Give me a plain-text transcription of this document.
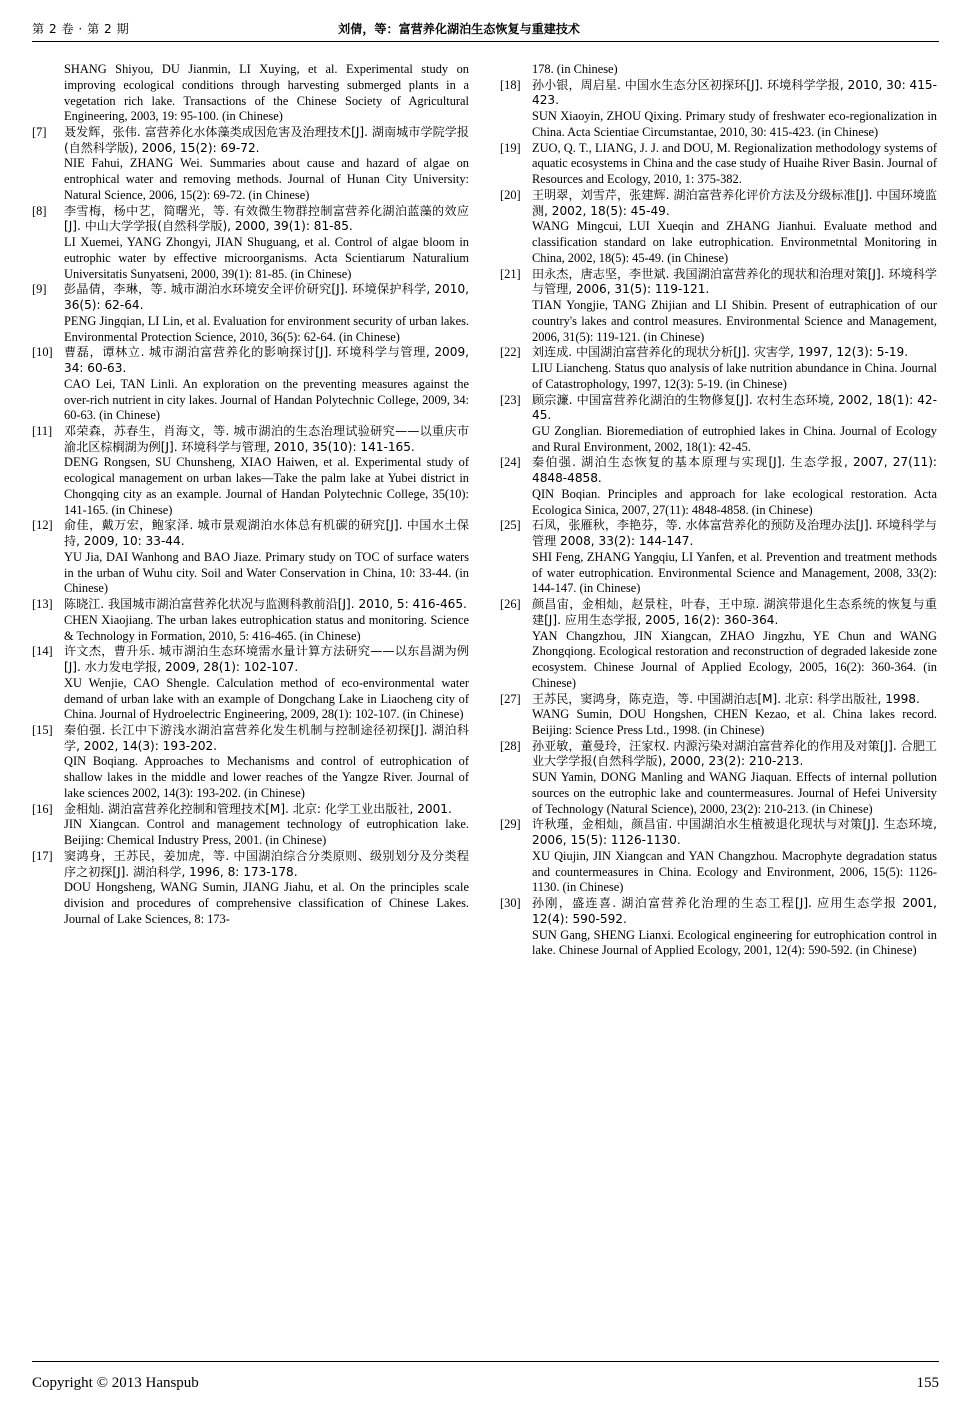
第 2 卷 · 第 2 期	刘倩，等：富营养化湖泊生态恢复与重建技术

SHANG Shiyou, DU Jianmin, LI Xuying, et al. Experimental study on improving ecological conditions through harvesting submerged plants in a vegetation rich lake. Transactions of the Chinese Society of Agricultural Engineering, 2003, 19: 95-100. (in Chinese)

[7]	聂发辉，张伟. 富营养化水体藻类成因危害及治理技术[J]. 湖南城市学院学报(自然科学版), 2006, 15(2): 69-72.

NIE Fahui, ZHANG Wei. Summaries about cause and hazard of algae on entrophical water and removing methods. Journal of Hunan City University: Natural Science, 2006, 15(2): 69-72. (in Chinese)

[8]	李雪梅，杨中艺，简曙光，等. 有效微生物群控制富营养化湖泊蓝藻的效应[J]. 中山大学学报(自然科学版), 2000, 39(1): 81-85.

LI Xuemei, YANG Zhongyi, JIAN Shuguang, et al. Control of algae bloom in eutrophic water by effective microorganisms. Acta Scientiarum Naturalium Universitatis Sunyatseni, 2000, 39(1): 81-85. (in Chinese)

[9]	彭晶倩，李琳，等. 城市湖泊水环境安全评价研究[J]. 环境保护科学, 2010, 36(5): 62-64.

PENG Jingqian, LI Lin, et al. Evaluation for environment security of urban lakes. Environmental Protection Science, 2010, 36(5): 62-64. (in Chinese)

[10] 曹磊，谭林立. 城市湖泊富营养化的影响探讨[J]. 环境科学与管理, 2009, 34: 60-63.

CAO Lei, TAN Linli. An exploration on the preventing measures against the over-rich nutrient in city lakes. Journal of Handan Polytechnic College, 2009, 34: 60-63. (in Chinese)

[11] 邓荣森，苏春生，肖海文，等. 城市湖泊的生态治理试验研究——以重庆市渝北区棕榈湖为例[J]. 环境科学与管理, 2010, 35(10): 141-165.

DENG Rongsen, SU Chunsheng, XIAO Haiwen, et al. Experimental study of ecological management on urban lakes—Take the palm lake at Yubei district in Chongqing city as an example. Journal of Handan Polytechnic College, 35(10): 141-165. (in Chinese)

[12] 俞佳，戴万宏，鲍家泽. 城市景观湖泊水体总有机碳的研究[J]. 中国水土保持, 2009, 10: 33-44.

YU Jia, DAI Wanhong and BAO Jiaze. Primary study on TOC of surface waters in the urban of Wuhu city. Soil and Water Conservation in China, 10: 33-44. (in Chinese)

[13] 陈晓江. 我国城市湖泊富营养化状况与监测科教前沿[J]. 2010, 5: 416-465.

CHEN Xiaojiang. The urban lakes eutrophication status and monitoring. Science & Technology in Formation, 2010, 5: 416-465. (in Chinese)

[14] 许文杰，曹升乐. 城市湖泊生态环境需水量计算方法研究——以东昌湖为例[J]. 水力发电学报, 2009, 28(1): 102-107.

XU Wenjie, CAO Shengle. Calculation method of eco-environmental water demand of urban lake with an example of Dongchang Lake in Liaocheng city of China. Journal of Hydroelectric Engineering, 2009, 28(1): 102-107. (in Chinese)

[15] 秦伯强. 长江中下游浅水湖泊富营养化发生机制与控制途径初探[J]. 湖泊科学, 2002, 14(3): 193-202.

QIN Boqiang. Approaches to Mechanisms and control of eutrophication of shallow lakes in the middle and lower reaches of the Yangze River. Journal of lake sciences 2002, 14(3): 193-202. (in Chinese)

[16] 金相灿. 湖泊富营养化控制和管理技术[M]. 北京: 化学工业出版社, 2001.

JIN Xiangcan. Control and management technology of eutrophication lake. Beijing: Chemical Industry Press, 2001. (in Chinese)

[17] 窦鸿身，王苏民，姜加虎，等. 中国湖泊综合分类原则、级别划分及分类程序之初探[J]. 湖泊科学, 1996, 8: 173-178.

DOU Hongsheng, WANG Sumin, JIANG Jiahu, et al. On the principles scale division and procedures of comprehensive classification of Chinese Lakes. Journal of Lake Sciences, 8: 173-

178. (in Chinese)

[18] 孙小银，周启星. 中国水生态分区初探环[J]. 环境科学学报, 2010, 30: 415-423.

SUN Xiaoyin, ZHOU Qixing. Primary study of freshwater eco-regionalization in China. Acta Scientiae Circumstantae, 2010, 30: 415-423. (in Chinese)

[19] ZUO, Q. T., LIANG, J. J. and DOU, M. Regionalization methodology systems of aquatic ecosystems in China and the case study of Huaihe River Basin. Journal of Resources and Ecology, 2010, 1: 375-382.

[20] 王明翠，刘雪芹，张建辉. 湖泊富营养化评价方法及分级标准[J]. 中国环境监测, 2002, 18(5): 45-49.

WANG Mingcui, LUI Xueqin and ZHANG Jianhui. Evaluate method and classification standard on lake eutrophication. Environmetntal Monitoring in China, 2002, 18(5): 45-49. (in Chinese)

[21] 田永杰，唐志坚，李世斌. 我国湖泊富营养化的现状和治理对策[J]. 环境科学与管理, 2006, 31(5): 119-121.

TIAN Yongjie, TANG Zhijian and LI Shibin. Present of eutraphication of our country's lakes and control measures. Environmental Science and Management, 2006, 31(5): 119-121. (in Chinese)

[22] 刘连成. 中国湖泊富营养化的现状分析[J]. 灾害学, 1997, 12(3): 5-19.

LIU Liancheng. Status quo analysis of lake nutrition abundance in China. Journal of Catastrophology, 1997, 12(3): 5-19. (in Chinese)

[23] 顾宗濂. 中国富营养化湖泊的生物修复[J]. 农村生态环境, 2002, 18(1): 42-45.

GU Zonglian. Bioremediation of eutrophied lakes in China. Journal of Ecology and Rural Environment, 2002, 18(1): 42-45.

[24] 秦伯强. 湖泊生态恢复的基本原理与实现[J]. 生态学报, 2007, 27(11): 4848-4858.

QIN Boqian. Principles and approach for lake ecological restoration. Acta Ecologica Sinica, 2007, 27(11): 4848-4858. (in Chinese)

[25] 石凤，张雁秋，李艳芬，等. 水体富营养化的预防及治理办法[J]. 环境科学与管理 2008, 33(2): 144-147.

SHI Feng, ZHANG Yangqiu, LI Yanfen, et al. Prevention and treatment methods of water eutrophication. Environmental Science and Management, 2008, 33(2): 144-147. (in Chinese)

[26] 颜昌宙，金相灿，赵景柱，叶春，王中琼. 湖滨带退化生态系统的恢复与重建[J]. 应用生态学报, 2005, 16(2): 360-364.

YAN Changzhou, JIN Xiangcan, ZHAO Jingzhu, YE Chun and WANG Zhongqiong. Ecological restoration and reconstruction of degraded lakeside zone ecosystem. Chinese Journal of Applied Ecology, 2005, 16(2): 360-364. (in Chinese)

[27] 王苏民，窦鸿身，陈克造，等. 中国湖泊志[M]. 北京: 科学出版社, 1998.

WANG Sumin, DOU Hongshen, CHEN Kezao, et al. China lakes record. Beijing: Science Press Ltd., 1998. (in Chinese)

[28] 孙亚敏，董曼玲，汪家权. 内源污染对湖泊富营养化的作用及对策[J]. 合肥工业大学学报(自然科学版), 2000, 23(2): 210-213.

SUN Yamin, DONG Manling and WANG Jiaquan. Effects of internal pollution sources on the eutrophic lake and countermeasures. Journal of Hefei University of Technology (Natural Science), 2000, 23(2): 210-213. (in Chinese)

[29] 许秋瑾，金相灿，颜昌宙. 中国湖泊水生植被退化现状与对策[J]. 生态环境, 2006, 15(5): 1126-1130.

XU Qiujin, JIN Xiangcan and YAN Changzhou. Macrophyte degradation status and countermeasures in China. Ecology and Environment, 2006, 15(5): 1126-1130. (in Chinese)

[30] 孙刚，盛连喜. 湖泊富营养化治理的生态工程[J]. 应用生态学报 2001, 12(4): 590-592.

SUN Gang, SHENG Lianxi. Ecological engineering for eutrophication control in lake. Chinese Journal of Applied Ecology, 2001, 12(4): 590-592. (in Chinese)

Copyright © 2013 Hanspub	155
